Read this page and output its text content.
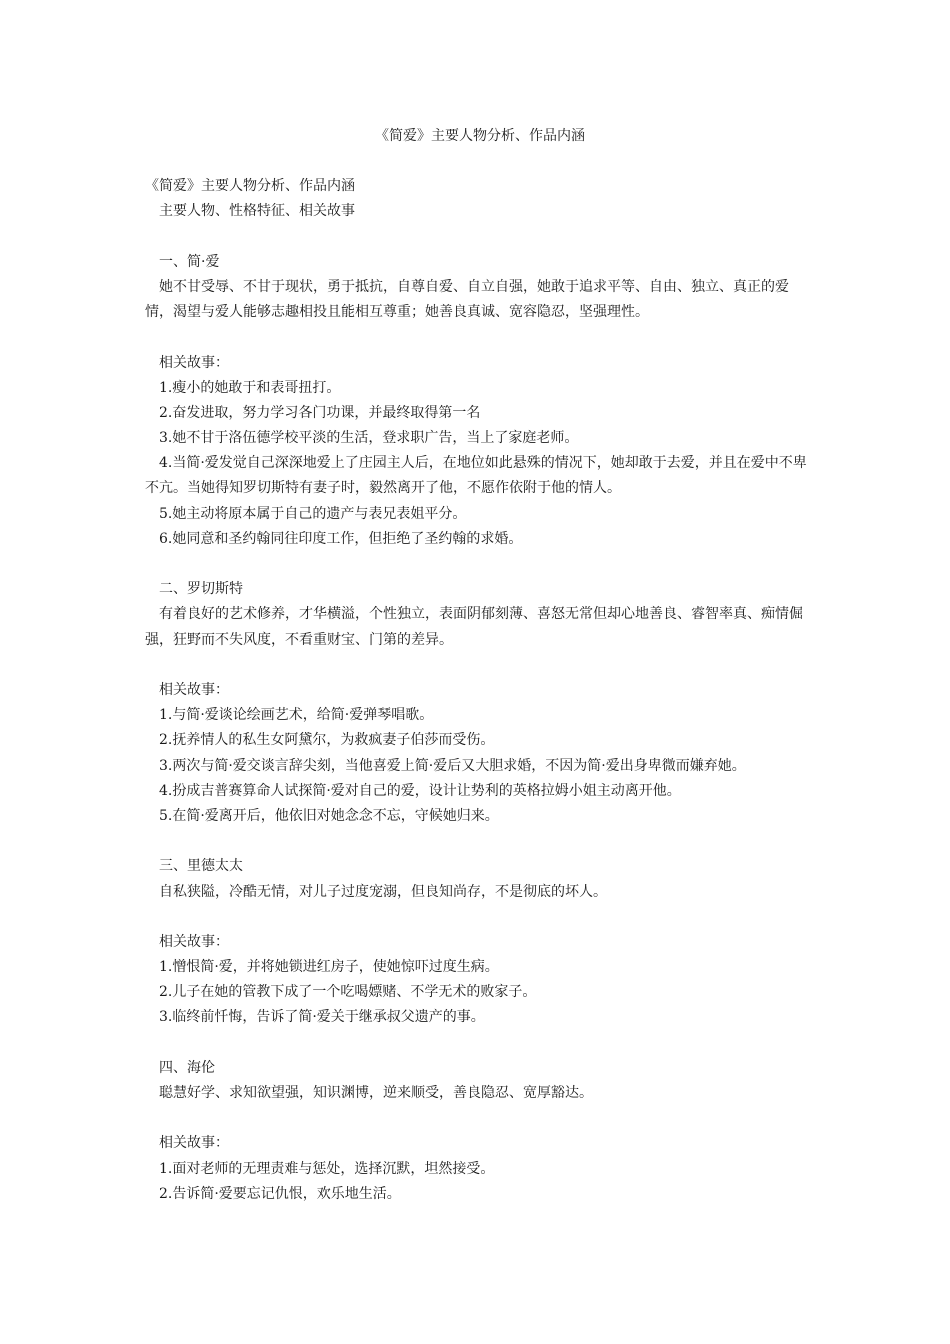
《简爱》主要人物分析、作品内涵

《简爱》主要人物分析、作品内涵

主要人物、性格特征、相关故事

一、简·爱

她不甘受辱、不甘于现状，勇于抵抗，自尊自爱、自立自强，她敢于追求平等、自由、独立、真正的爱情，渴望与爱人能够志趣相投且能相互尊重；她善良真诚、宽容隐忍，坚强理性。

相关故事：

1.瘦小的她敢于和表哥扭打。

2.奋发进取，努力学习各门功课，并最终取得第一名

3.她不甘于洛伍德学校平淡的生活，登求职广告，当上了家庭老师。

4.当简·爱发觉自己深深地爱上了庄园主人后，在地位如此悬殊的情况下，她却敢于去爱，并且在爱中不卑不亢。当她得知罗切斯特有妻子时，毅然离开了他，不愿作依附于他的情人。

5.她主动将原本属于自己的遗产与表兄表姐平分。

6.她同意和圣约翰同往印度工作，但拒绝了圣约翰的求婚。

二、罗切斯特

有着良好的艺术修养，才华横溢，个性独立，表面阴郁刻薄、喜怒无常但却心地善良、睿智率真、痴情倔强，狂野而不失风度，不看重财宝、门第的差异。

相关故事：

1.与简·爱谈论绘画艺术，给简·爱弹琴唱歌。

2.抚养情人的私生女阿黛尔，为救疯妻子伯莎而受伤。

3.两次与简·爱交谈言辞尖刻，当他喜爱上简·爱后又大胆求婚，不因为简·爱出身卑微而嫌弃她。

4.扮成吉普赛算命人试探简·爱对自己的爱，设计让势利的英格拉姆小姐主动离开他。

5.在简·爱离开后，他依旧对她念念不忘，守候她归来。

三、里德太太

自私狭隘，冷酷无情，对儿子过度宠溺，但良知尚存，不是彻底的坏人。

相关故事：

1.憎恨简·爱，并将她锁进红房子，使她惊吓过度生病。

2.儿子在她的管教下成了一个吃喝嫖赌、不学无术的败家子。

3.临终前忏悔，告诉了简·爱关于继承叔父遗产的事。

四、海伦

聪慧好学、求知欲望强，知识渊博，逆来顺受，善良隐忍、宽厚豁达。

相关故事：

1.面对老师的无理责难与惩处，选择沉默，坦然接受。

2.告诉简·爱要忘记仇恨，欢乐地生活。
